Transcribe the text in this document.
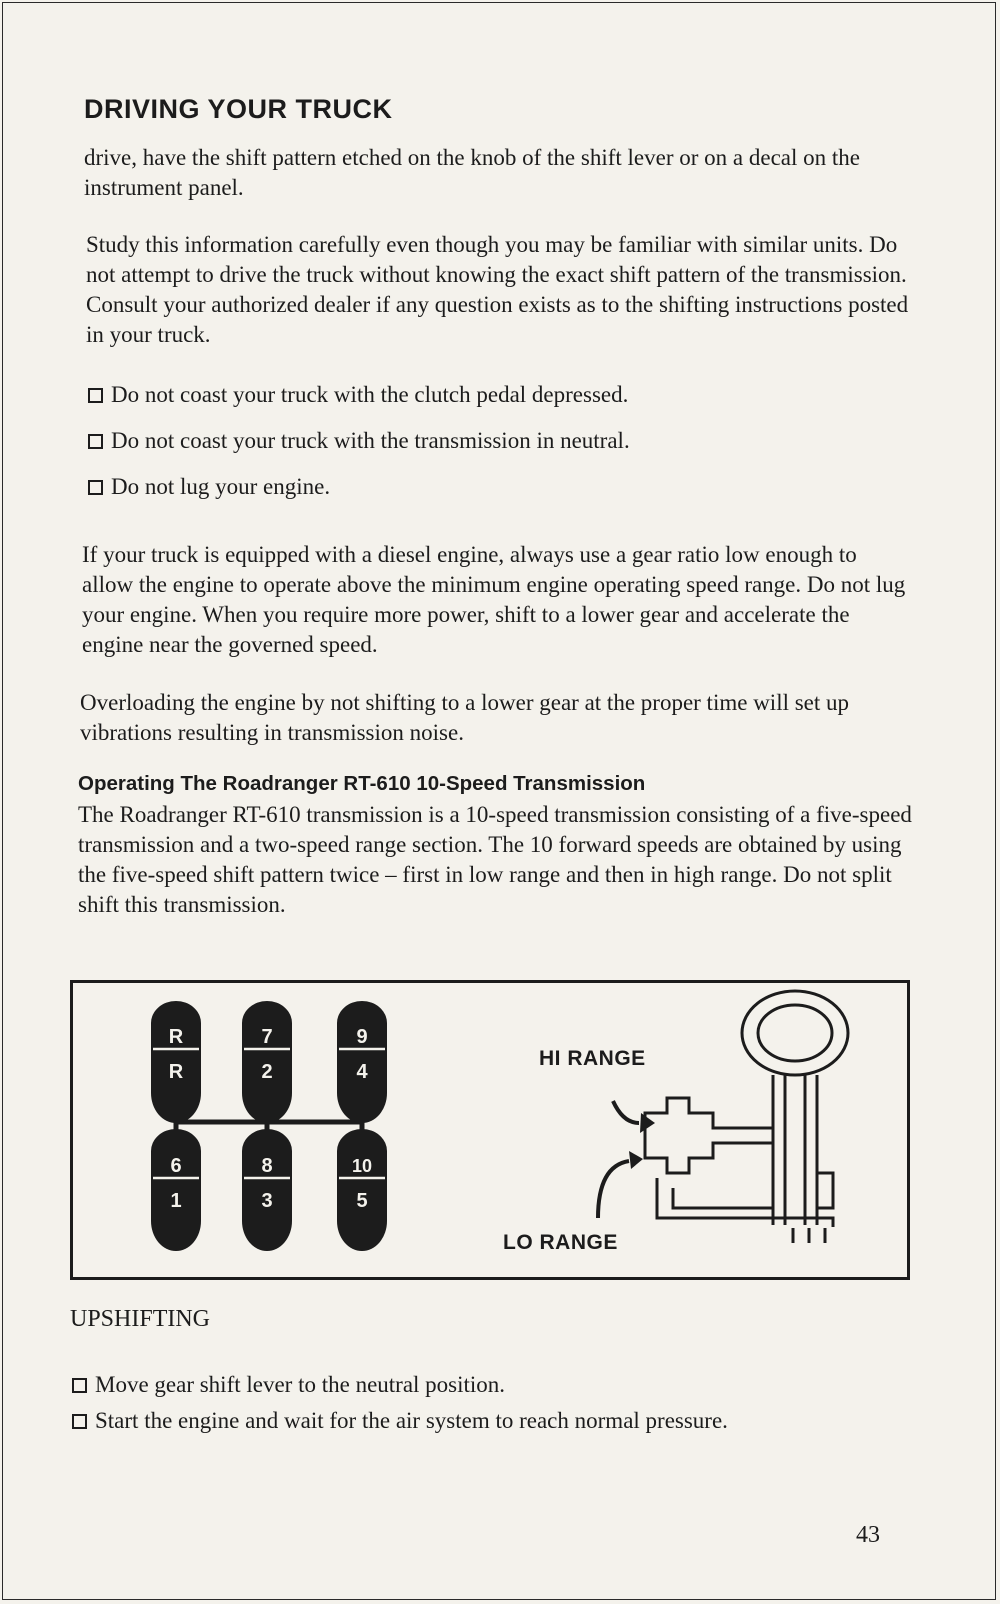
DRIVING YOUR TRUCK
drive, have the shift pattern etched on the knob of the shift lever or on a decal on the instrument panel.
Study this information carefully even though you may be familiar with similar units. Do not attempt to drive the truck without knowing the exact shift pattern of the transmission. Consult your authorized dealer if any question exists as to the shifting instructions posted in your truck.
Do not coast your truck with the clutch pedal depressed.
Do not coast your truck with the transmission in neutral.
Do not lug your engine.
If your truck is equipped with a diesel engine, always use a gear ratio low enough to allow the engine to operate above the minimum engine operating speed range. Do not lug your engine. When you require more power, shift to a lower gear and accelerate the engine near the governed speed.
Overloading the engine by not shifting to a lower gear at the proper time will set up vibrations resulting in transmission noise.
Operating The Roadranger RT-610 10-Speed Transmission
The Roadranger RT-610 transmission is a 10-speed transmission consisting of a five-speed transmission and a two-speed range section. The 10 forward speeds are obtained by using the five-speed shift pattern twice – first in low range and then in high range. Do not split shift this transmission.
R
R
7
2
9
4
6
1
8
3
10
5
HI RANGE
LO RANGE
UPSHIFTING
Move gear shift lever to the neutral position.
Start the engine and wait for the air system to reach normal pressure.
43
